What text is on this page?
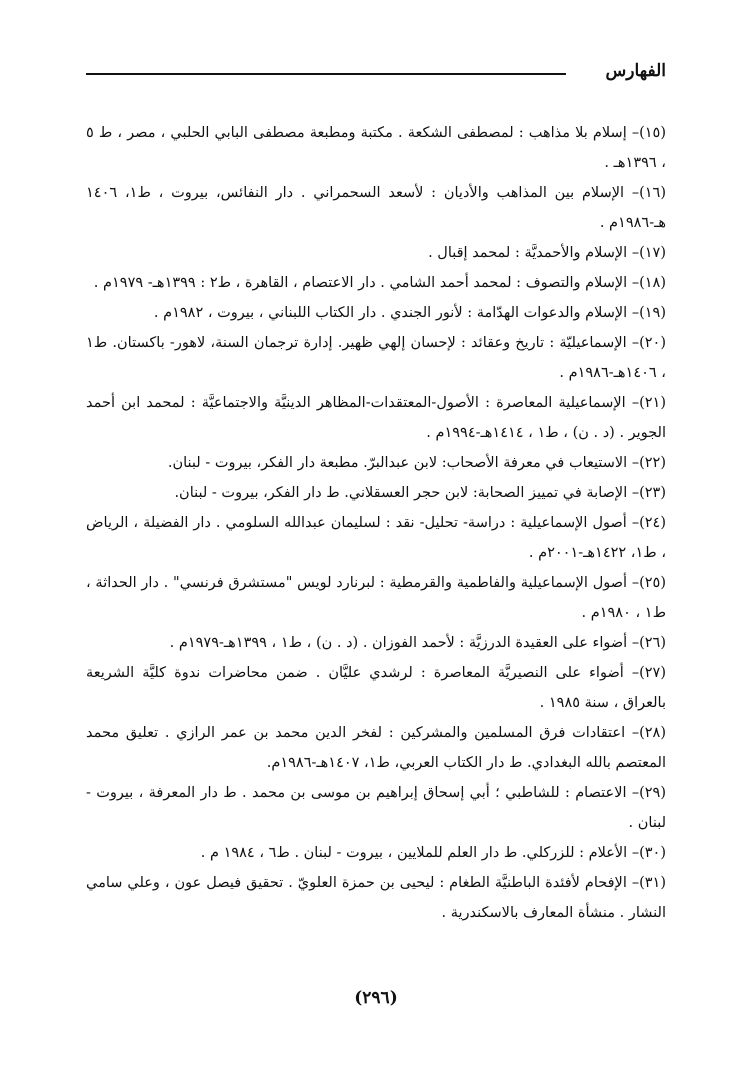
الفهارس

(١٥)– إسلام بلا مذاهب : لمصطفى الشكعة . مكتبة ومطبعة مصطفى البابي الحلبي ، مصر ، ط ٥ ، ١٣٩٦هـ .

(١٦)– الإسلام بين المذاهب والأديان : لأسعد السحمراني . دار النفائس، بيروت ، ط١، ١٤٠٦ هـ-١٩٨٦م .

(١٧)– الإسلام والأحمديَّة : لمحمد إقبال .

(١٨)– الإسلام والتصوف : لمحمد أحمد الشامي . دار الاعتصام ، القاهرة ، ط٢ : ١٣٩٩هـ- ١٩٧٩م .

(١٩)– الإسلام والدعوات الهدّامة : لأنور الجندي . دار الكتاب اللبناني ، بيروت ، ١٩٨٢م .

(٢٠)– الإسماعيليّة : تاريخ وعقائد : لإحسان إلهي ظهير. إدارة ترجمان السنة، لاهور- باكستان. ط١ ، ١٤٠٦هـ-١٩٨٦م .

(٢١)– الإسماعيلية المعاصرة : الأصول-المعتقدات-المظاهر الدينيَّة والاجتماعيَّة : لمحمد ابن أحمد الجوير . (د . ن) ، ط١ ، ١٤١٤هـ-١٩٩٤م .

(٢٢)– الاستيعاب في معرفة الأصحاب: لابن عبدالبرّ. مطبعة دار الفكر، بيروت - لبنان.

(٢٣)– الإصابة في تمييز الصحابة: لابن حجر العسقلاني. ط دار الفكر، بيروت - لبنان.

(٢٤)– أصول الإسماعيلية : دراسة- تحليل- نقد : لسليمان عبدالله السلومي . دار الفضيلة ، الرياض ، ط١، ١٤٢٢هـ-٢٠٠١م .

(٢٥)– أصول الإسماعيلية والفاطمية والقرمطية : لبرنارد لويس "مستشرق فرنسي" . دار الحداثة ، ط١ ، ١٩٨٠م .

(٢٦)– أضواء على العقيدة الدرزيَّة : لأحمد الفوزان . (د . ن) ، ط١ ، ١٣٩٩هـ-١٩٧٩م .

(٢٧)– أضواء على النصيريَّة المعاصرة : لرشدي عليَّان . ضمن محاضرات ندوة كليَّة الشريعة بالعراق ، سنة ١٩٨٥ .

(٢٨)– اعتقادات فرق المسلمين والمشركين : لفخر الدين محمد بن عمر الرازي . تعليق محمد المعتصم بالله البغدادي. ط دار الكتاب العربي، ط١، ١٤٠٧هـ-١٩٨٦م.

(٢٩)– الاعتصام : للشاطبي ؛ أبي إسحاق إبراهيم بن موسى بن محمد . ط دار المعرفة ، بيروت - لبنان .

(٣٠)– الأعلام : للزركلي. ط دار العلم للملايين ، بيروت - لبنان . ط٦ ، ١٩٨٤ م .

(٣١)– الإفحام لأفئدة الباطنيَّة الطغام : ليحيى بن حمزة العلويّ . تحقيق فيصل عون ، وعلي سامي النشار . منشأة المعارف بالاسكندرية .

(٢٩٦)
